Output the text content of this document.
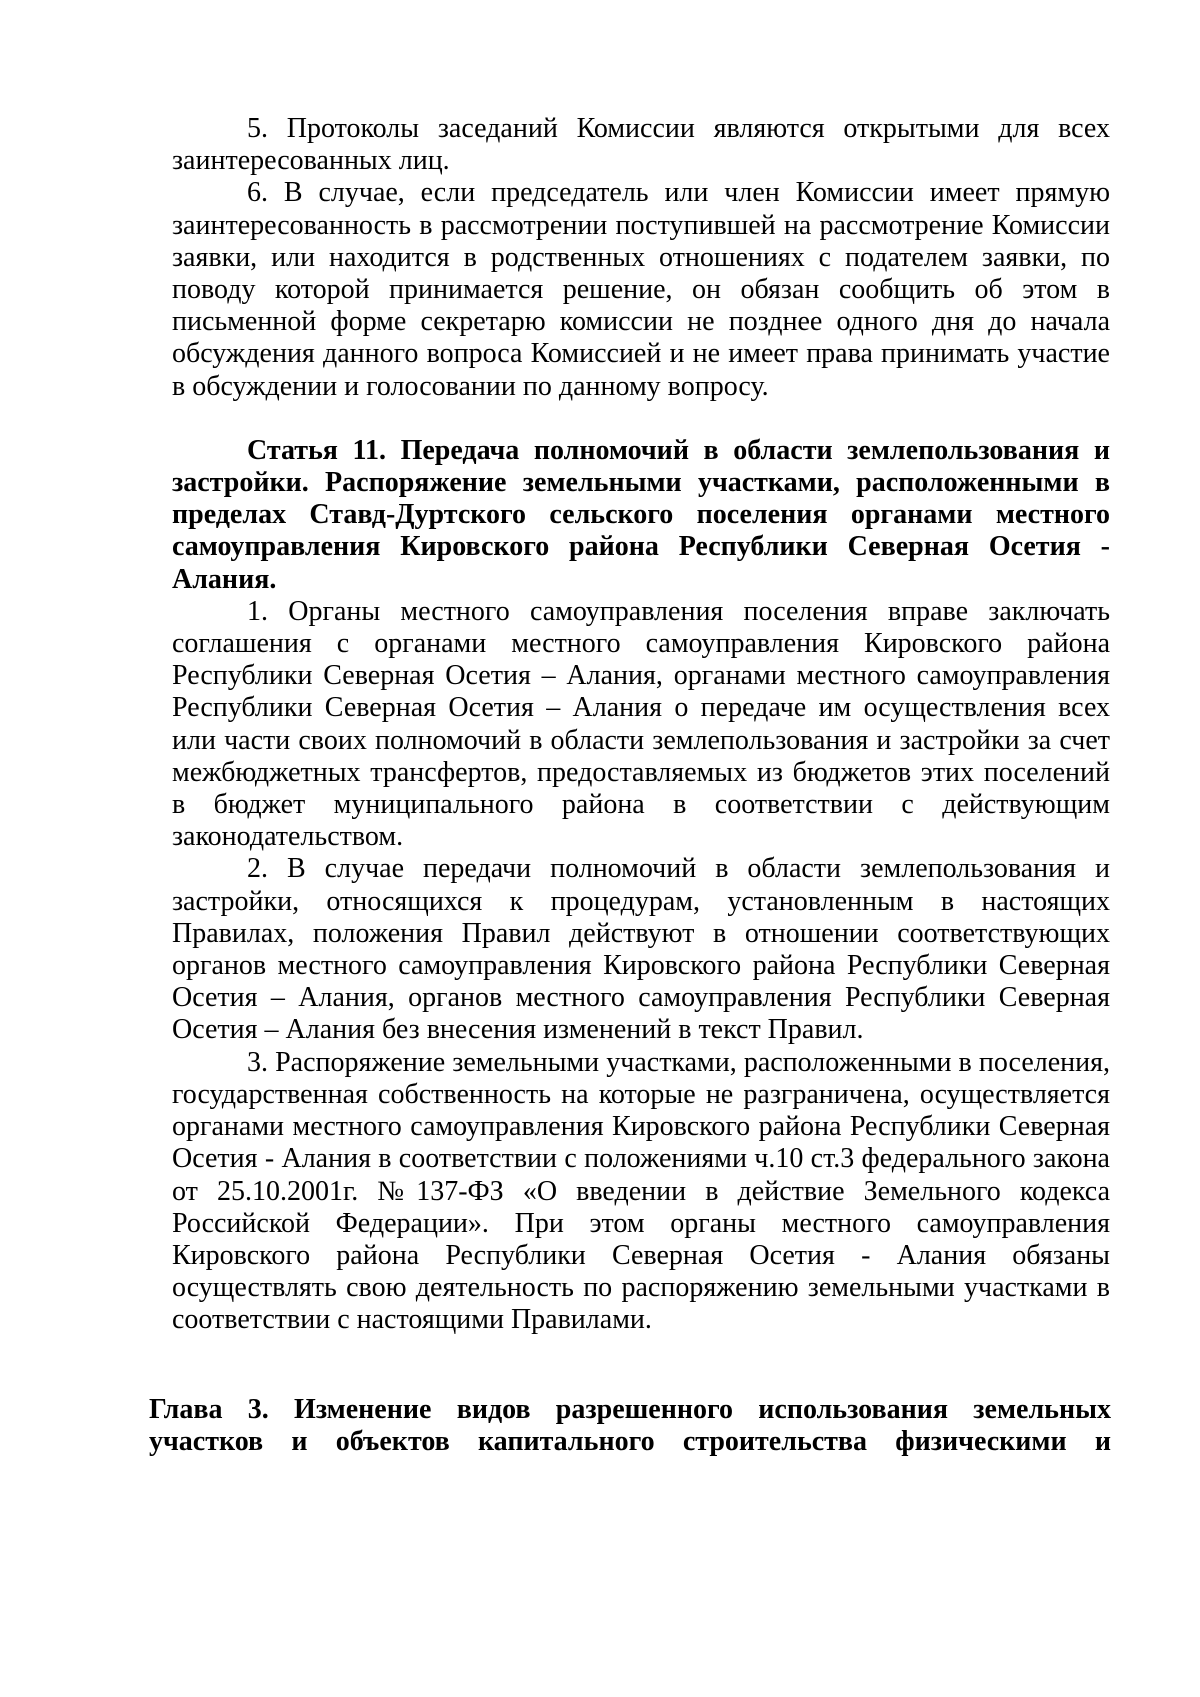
5. Протоколы заседаний Комиссии являются открытыми для всех заинтересованных лиц.

6. В случае, если председатель или член Комиссии имеет прямую заинтересованность в рассмотрении поступившей на рассмотрение Комиссии заявки, или находится в родственных отношениях с подателем заявки, по поводу которой принимается решение, он обязан сообщить об этом в письменной форме секретарю комиссии не позднее одного дня до начала обсуждения данного вопроса Комиссией и не имеет права принимать участие в обсуждении и голосовании по данному вопросу.

Статья 11. Передача полномочий в области землепользования и застройки. Распоряжение земельными участками, расположенными в пределах Ставд-Дуртского сельского поселения органами местного самоуправления Кировского района Республики Северная Осетия - Алания.

1. Органы местного самоуправления поселения вправе заключать соглашения с органами местного самоуправления Кировского района Республики Северная Осетия – Алания, органами местного самоуправления Республики Северная Осетия – Алания о передаче им осуществления всех или части своих полномочий в области землепользования и застройки за счет межбюджетных трансфертов, предоставляемых из бюджетов этих поселений в бюджет муниципального района в соответствии с действующим законодательством.

2. В случае передачи полномочий в области землепользования и застройки, относящихся к процедурам, установленным в настоящих Правилах, положения Правил действуют в отношении соответствующих органов местного самоуправления Кировского района Республики Северная Осетия – Алания, органов местного самоуправления Республики Северная Осетия – Алания без внесения изменений в текст Правил.

3. Распоряжение земельными участками, расположенными в поселения, государственная собственность на которые не разграничена, осуществляется органами местного самоуправления Кировского района Республики Северная Осетия - Алания в соответствии с положениями ч.10 ст.3 федерального закона от 25.10.2001г. №137-ФЗ «О введении в действие Земельного кодекса Российской Федерации». При этом органы местного самоуправления Кировского района Республики Северная Осетия - Алания обязаны осуществлять свою деятельность по распоряжению земельными участками в соответствии с настоящими Правилами.

Глава 3. Изменение видов разрешенного использования земельных участков и объектов капитального строительства физическими и
